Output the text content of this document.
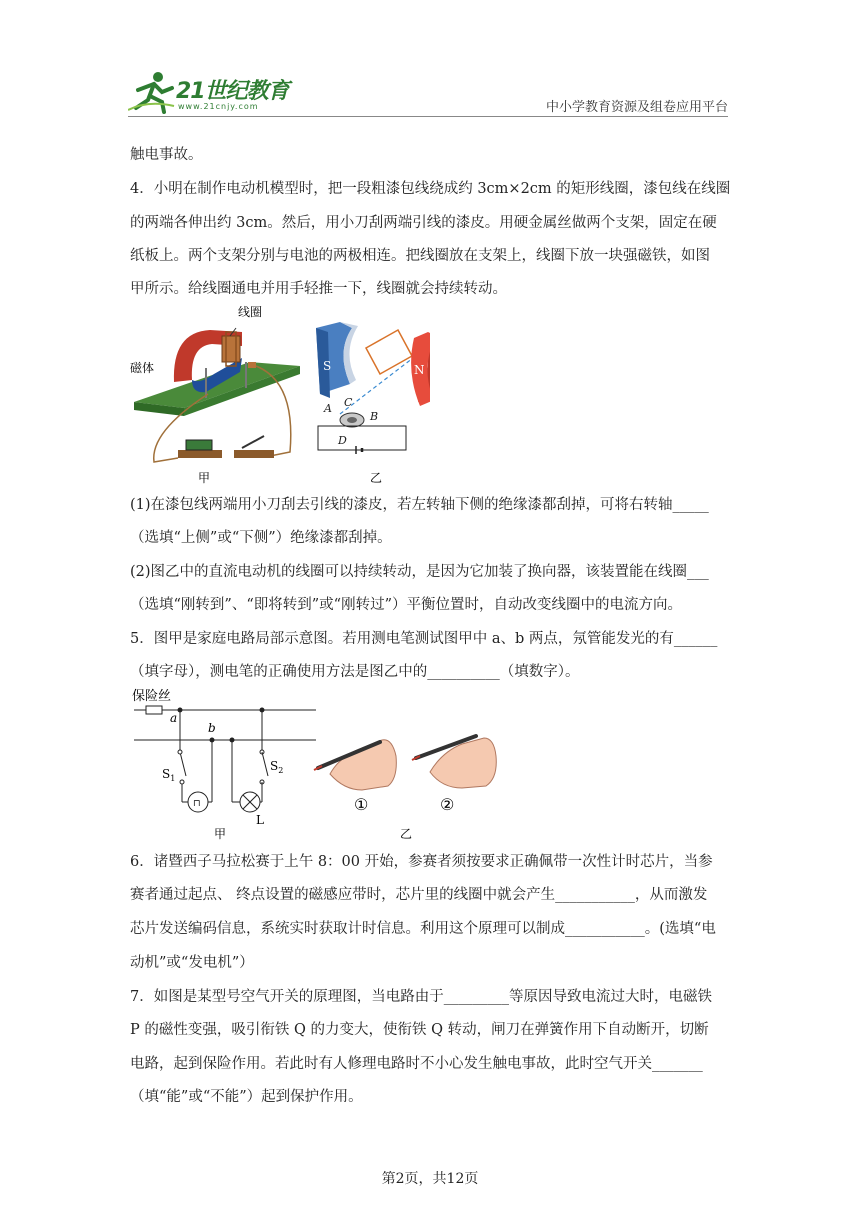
21世纪教育
www.21cnjy.com	中小学教育资源及组卷应用平台
触电事故。
4．小明在制作电动机模型时，把一段粗漆包线绕成约 3cm×2cm 的矩形线圈，漆包线在线圈
的两端各伸出约 3cm。然后，用小刀刮两端引线的漆皮。用硬金属丝做两个支架，固定在硬
纸板上。两个支架分别与电池的两极相连。把线圈放在支架上，线圈下放一块强磁铁，如图
甲所示。给线圈通电并用手轻推一下，线圈就会持续转动。
线圈
磁体
甲
A
B
C
D
S	N
乙
(1)在漆包线两端用小刀刮去引线的漆皮，若左转轴下侧的绝缘漆都刮掉，可将右转轴_____
（选填“上侧”或“下侧”）绝缘漆都刮掉。
(2)图乙中的直流电动机的线圈可以持续转动，是因为它加装了换向器，该装置能在线圈___
（选填“刚转到”、“即将转到”或“刚转过”）平衡位置时，自动改变线圈中的电流方向。
5．图甲是家庭电路局部示意图。若用测电笔测试图甲中 a、b 两点，氖管能发光的有______
（填字母），测电笔的正确使用方法是图乙中的__________（填数字）。
保险丝
a
b
$S_1$
⊓
L
$S_2$
甲
①	②
乙
6．诸暨西子马拉松赛于上午 8：00 开始，参赛者须按要求正确佩带一次性计时芯片，当参
赛者通过起点、 终点设置的磁感应带时，芯片里的线圈中就会产生___________，从而激发
芯片发送编码信息，系统实时获取计时信息。利用这个原理可以制成___________。(选填“电
动机”或“发电机”）
7．如图是某型号空气开关的原理图，当电路由于_________等原因导致电流过大时，电磁铁
P 的磁性变强，吸引衔铁 Q 的力变大，使衔铁 Q 转动，闸刀在弹簧作用下自动断开，切断
电路，起到保险作用。若此时有人修理电路时不小心发生触电事故，此时空气开关_______
（填“能”或“不能”）起到保护作用。
第2页，共12页
